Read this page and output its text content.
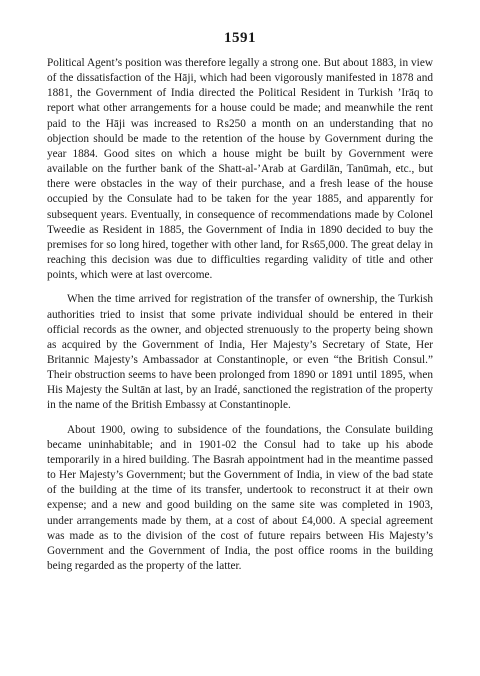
1591

Political Agent’s position was therefore legally a strong one. But about 1883, in view of the dissatisfaction of the Hāji, which had been vigorously manifested in 1878 and 1881, the Government of India directed the Political Resident in Turkish ’Irāq to report what other arrangements for a house could be made; and meanwhile the rent paid to the Hāji was increased to ₨250 a month on an understanding that no objection should be made to the retention of the house by Government during the year 1884. Good sites on which a house might be built by Government were available on the further bank of the Shatt-al-’Arab at Gardilān, Tanūmah, etc., but there were obstacles in the way of their purchase, and a fresh lease of the house occupied by the Consulate had to be taken for the year 1885, and apparently for subsequent years. Eventually, in consequence of recommendations made by Colonel Tweedie as Resident in 1885, the Government of India in 1890 decided to buy the premises for so long hired, together with other land, for ₨65,000. The great delay in reaching this decision was due to difficulties regarding validity of title and other points, which were at last overcome.

When the time arrived for registration of the transfer of ownership, the Turkish authorities tried to insist that some private individual should be entered in their official records as the owner, and objected strenuously to the property being shown as acquired by the Government of India, Her Majesty’s Secretary of State, Her Britannic Majesty’s Ambassador at Constantinople, or even “the British Consul.” Their obstruction seems to have been prolonged from 1890 or 1891 until 1895, when His Majesty the Sultān at last, by an Iradé, sanctioned the registration of the property in the name of the British Embassy at Constantinople.

About 1900, owing to subsidence of the foundations, the Consulate building became uninhabitable; and in 1901-02 the Consul had to take up his abode temporarily in a hired building. The Basrah appointment had in the meantime passed to Her Majesty’s Government; but the Government of India, in view of the bad state of the building at the time of its transfer, undertook to reconstruct it at their own expense; and a new and good building on the same site was completed in 1903, under arrangements made by them, at a cost of about £4,000. A special agreement was made as to the division of the cost of future repairs between His Majesty’s Government and the Government of India, the post office rooms in the building being regarded as the property of the latter.
